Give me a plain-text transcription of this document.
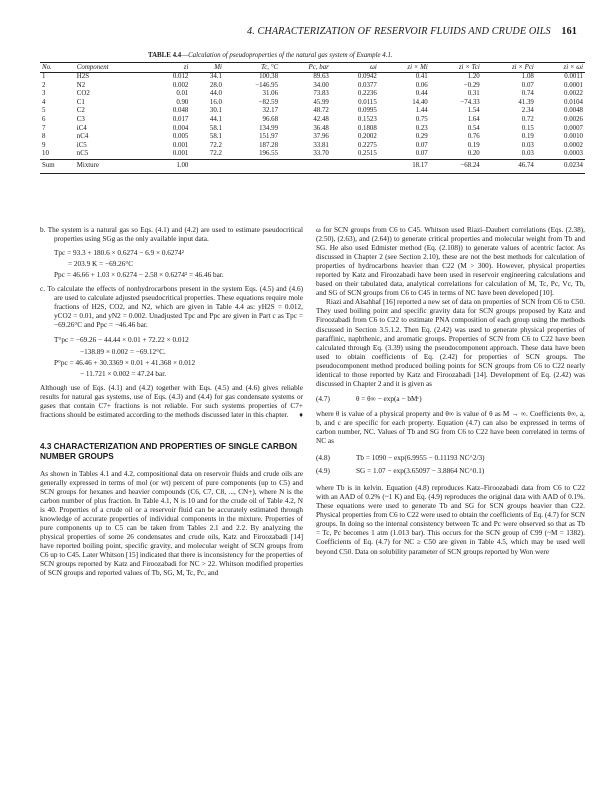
4. CHARACTERIZATION OF RESERVOIR FLUIDS AND CRUDE OILS 161
TABLE 4.4—Calculation of pseudoproperties of the natural gas system of Example 4.1.
No.	Component	zi	Mi	Tc, °C	Pc, bar	ωi	zi × Mi	zi × Tci	zi × Pci	zi × ωi
1	H2S	0.012	34.1	100.38	89.63	0.0942	0.41	1.20	1.08	0.0011
2	N2	0.002	28.0	−146.95	34.00	0.0377	0.06	−0.29	0.07	0.0001
3	CO2	0.01	44.0	31.06	73.83	0.2236	0.44	0.31	0.74	0.0022
4	C1	0.90	16.0	−82.59	45.99	0.0115	14.40	−74.33	41.39	0.0104
5	C2	0.048	30.1	32.17	48.72	0.0995	1.44	1.54	2.34	0.0048
6	C3	0.017	44.1	96.68	42.48	0.1523	0.75	1.64	0.72	0.0026
7	iC4	0.004	58.1	134.99	36.48	0.1808	0.23	0.54	0.15	0.0007
8	nC4	0.005	58.1	151.97	37.96	0.2002	0.29	0.76	0.19	0.0010
9	iC5	0.001	72.2	187.28	33.81	0.2275	0.07	0.19	0.03	0.0002
10	nC5	0.001	72.2	196.55	33.70	0.2515	0.07	0.20	0.03	0.0003
Sum	Mixture	1.00					18.17	−68.24	46.74	0.0234

b. The system is a natural gas so Eqs. (4.1) and (4.2) are used to estimate pseudocritical properties using SGg as the only available input data.

Tpc = 93.3 + 180.6 × 0.6274 − 6.9 × 0.6274²
= 203.9 K = −69.26°C
Ppc = 46.66 + 1.03 × 0.6274 − 2.58 × 0.6274² = 46.46 bar.

c. To calculate the effects of nonhydrocarbons present in the system Eqs. (4.5) and (4.6) are used to calculate adjusted pseudocritical properties. These equations require mole fractions of H2S, CO2, and N2, which are given in Table 4.4 as: yH2S = 0.012, yCO2 = 0.01, and yN2 = 0.002. Unadjusted Tpc and Ppc are given in Part c as Tpc = −69.26°C and Ppc = −46.46 bar.

T°pc = −69.26 − 44.44 × 0.01 + 72.22 × 0.012
−138.89 × 0.002 = −69.12°C.
P°pc = 46.46 + 30.3369 × 0.01 + 41.368 × 0.012
− 11.721 × 0.002 = 47.24 bar.

Although use of Eqs. (4.1) and (4.2) together with Eqs. (4.5) and (4.6) gives reliable results for natural gas systems, use of Eqs. (4.3) and (4.4) for gas condensate systems or gases that contain C7+ fractions is not reliable. For such systems properties of C7+ fractions should be estimated according to the methods discussed later in this chapter. ♦

4.3 CHARACTERIZATION AND PROPERTIES OF SINGLE CARBON NUMBER GROUPS

As shown in Tables 4.1 and 4.2, compositional data on reservoir fluids and crude oils are generally expressed in terms of mol (or wt) percent of pure components (up to C5) and SCN groups for hexanes and heavier compounds (C6, C7, C8, ..., CN+), where N is the carbon number of plus fraction. In Table 4.1, N is 10 and for the crude oil of Table 4.2, N is 40. Properties of a crude oil or a reservoir fluid can be accurately estimated through knowledge of accurate properties of individual components in the mixture. Properties of pure components up to C5 can be taken from Tables 2.1 and 2.2. By analyzing the physical properties of some 26 condensates and crude oils, Katz and Firoozabadi [14] have reported boiling point, specific gravity, and molecular weight of SCN groups from C6 up to C45. Later Whitson [15] indicated that there is inconsistency for the properties of SCN groups reported by Katz and Firoozabadi for NC > 22. Whitson modified properties of SCN groups and reported values of Tb, SG, M, Tc, Pc, and

ω for SCN groups from C6 to C45. Whitson used Riazi–Daubert correlations (Eqs. (2.38), (2.50), (2.63), and (2.64)) to generate critical properties and molecular weight from Tb and SG. He also used Edmister method (Eq. (2.108)) to generate values of acentric factor. As discussed in Chapter 2 (see Section 2.10), these are not the best methods for calculation of properties of hydrocarbons heavier than C22 (M > 300). However, physical properties reported by Katz and Firoozabadi have been used in reservoir engineering calculations and based on their tabulated data, analytical correlations for calculation of M, Tc, Pc, Vc, Tb, and SG of SCN groups from C6 to C45 in terms of NC have been developed [10].

Riazi and Alsahhaf [16] reported a new set of data on properties of SCN from C6 to C50. They used boiling point and specific gravity data for SCN groups proposed by Katz and Firoozabadi from C6 to C22 to estimate PNA composition of each group using the methods discussed in Section 3.5.1.2. Then Eq. (2.42) was used to generate physical properties of paraffinic, naphthenic, and aromatic groups. Properties of SCN from C6 to C22 have been calculated through Eq. (3.39) using the pseudocomponent approach. These data have been used to obtain coefficients of Eq. (2.42) for properties of SCN groups. The pseudocomponent method produced boiling points for SCN groups from C6 to C22 nearly identical to those reported by Katz and Firoozabadi [14]. Development of Eq. (2.42) was discussed in Chapter 2 and it is given as

(4.7)	θ = θ∞ − exp(a − bMᶜ)

where θ is value of a physical property and θ∞ is value of θ as M → ∞. Coefficients θ∞, a, b, and c are specific for each property. Equation (4.7) can also be expressed in terms of carbon number, NC. Values of Tb and SG from C6 to C22 have been correlated in terms of NC as

(4.8)	Tb = 1090 − exp(6.9955 − 0.11193 NC^2/3)
(4.9)	SG = 1.07 − exp(3.65097 − 3.8864 NC^0.1)

where Tb is in kelvin. Equation (4.8) reproduces Katz–Firoozabadi data from C6 to C22 with an AAD of 0.2% (~1 K) and Eq. (4.9) reproduces the original data with AAD of 0.1%. These equations were used to generate Tb and SG for SCN groups heavier than C22. Physical properties from C6 to C22 were used to obtain the coefficients of Eq. (4.7) for SCN groups. In doing so the internal consistency between Tc and Pc were observed so that as Tb = Tc, Pc becomes 1 atm (1.013 bar). This occurs for the SCN group of C99 (~M = 1382). Coefficients of Eq. (4.7) for NC ≥ C50 are given in Table 4.5, which may be used well beyond C50. Data on solubility parameter of SCN groups reported by Won were
